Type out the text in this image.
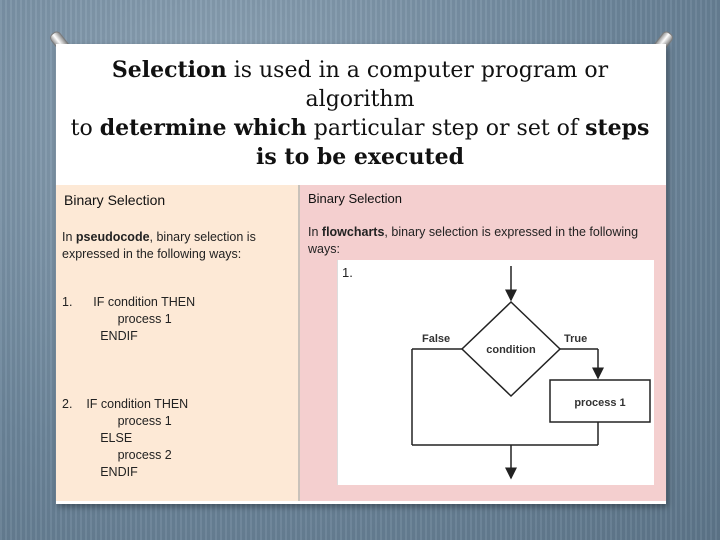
Selection is used in a computer program or
algorithm
to determine which particular step or set of steps
is to be executed
Binary Selection
In pseudocode, binary selection is expressed in the following ways:
1.      IF condition THEN
process 1
ENDIF
2.    IF condition THEN
process 1
ELSE
process 2
ENDIF
Binary Selection
In flowcharts, binary selection is expressed in the following ways:
1.
condition
False	True
process 1
